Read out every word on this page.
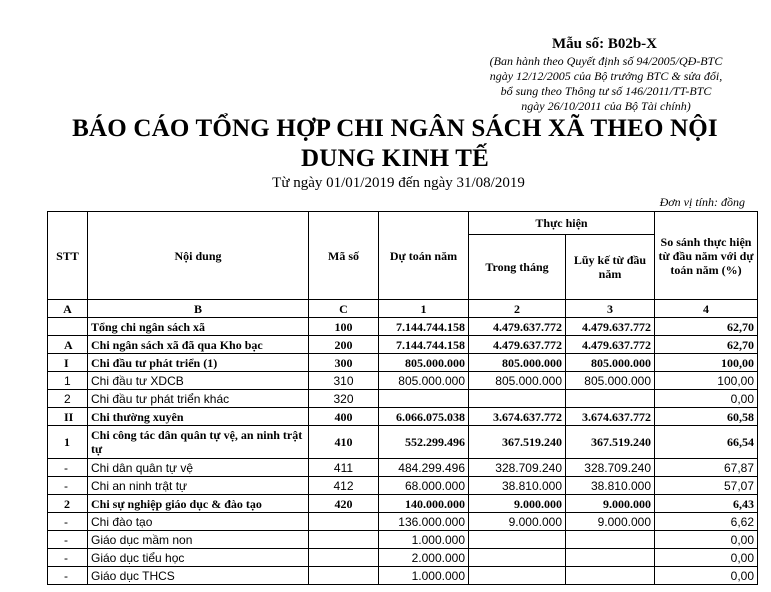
Mẫu số: B02b-X
(Ban hành theo Quyết định số 94/2005/QĐ-BTC
ngày 12/12/2005 của Bộ trưởng BTC & sửa đổi,
bổ sung theo Thông tư số 146/2011/TT-BTC
ngày 26/10/2011 của Bộ Tài chính)
BÁO CÁO TỔNG HỢP CHI NGÂN SÁCH XÃ THEO NỘI
DUNG KINH TẾ
Từ ngày 01/01/2019 đến ngày 31/08/2019
Đơn vị tính: đồng
STT	Nội dung	Mã số	Dự toán năm	Thực hiện		So sánh thực hiện từ đầu năm với dự toán năm (%)
				Trong tháng	Lũy kế từ đầu năm	
A	B	C	1	2	3	4
	Tổng chi ngân sách xã	100	7.144.744.158	4.479.637.772	4.479.637.772	62,70
A	Chi ngân sách xã đã qua Kho bạc	200	7.144.744.158	4.479.637.772	4.479.637.772	62,70
I	Chi đầu tư phát triển (1)	300	805.000.000	805.000.000	805.000.000	100,00
1	Chi đầu tư XDCB	310	805.000.000	805.000.000	805.000.000	100,00
2	Chi đầu tư phát triển khác	320				0,00
II	Chi thường xuyên	400	6.066.075.038	3.674.637.772	3.674.637.772	60,58
1	Chi công tác dân quân tự vệ, an ninh trật tự	410	552.299.496	367.519.240	367.519.240	66,54
-	Chi dân quân tự vệ	411	484.299.496	328.709.240	328.709.240	67,87
-	Chi an ninh trật tự	412	68.000.000	38.810.000	38.810.000	57,07
2	Chi sự nghiệp giáo dục & đào tạo	420	140.000.000	9.000.000	9.000.000	6,43
-	Chi đào tạo		136.000.000	9.000.000	9.000.000	6,62
-	Giáo dục mầm non		1.000.000			0,00
-	Giáo dục tiểu học		2.000.000			0,00
-	Giáo dục THCS		1.000.000			0,00
